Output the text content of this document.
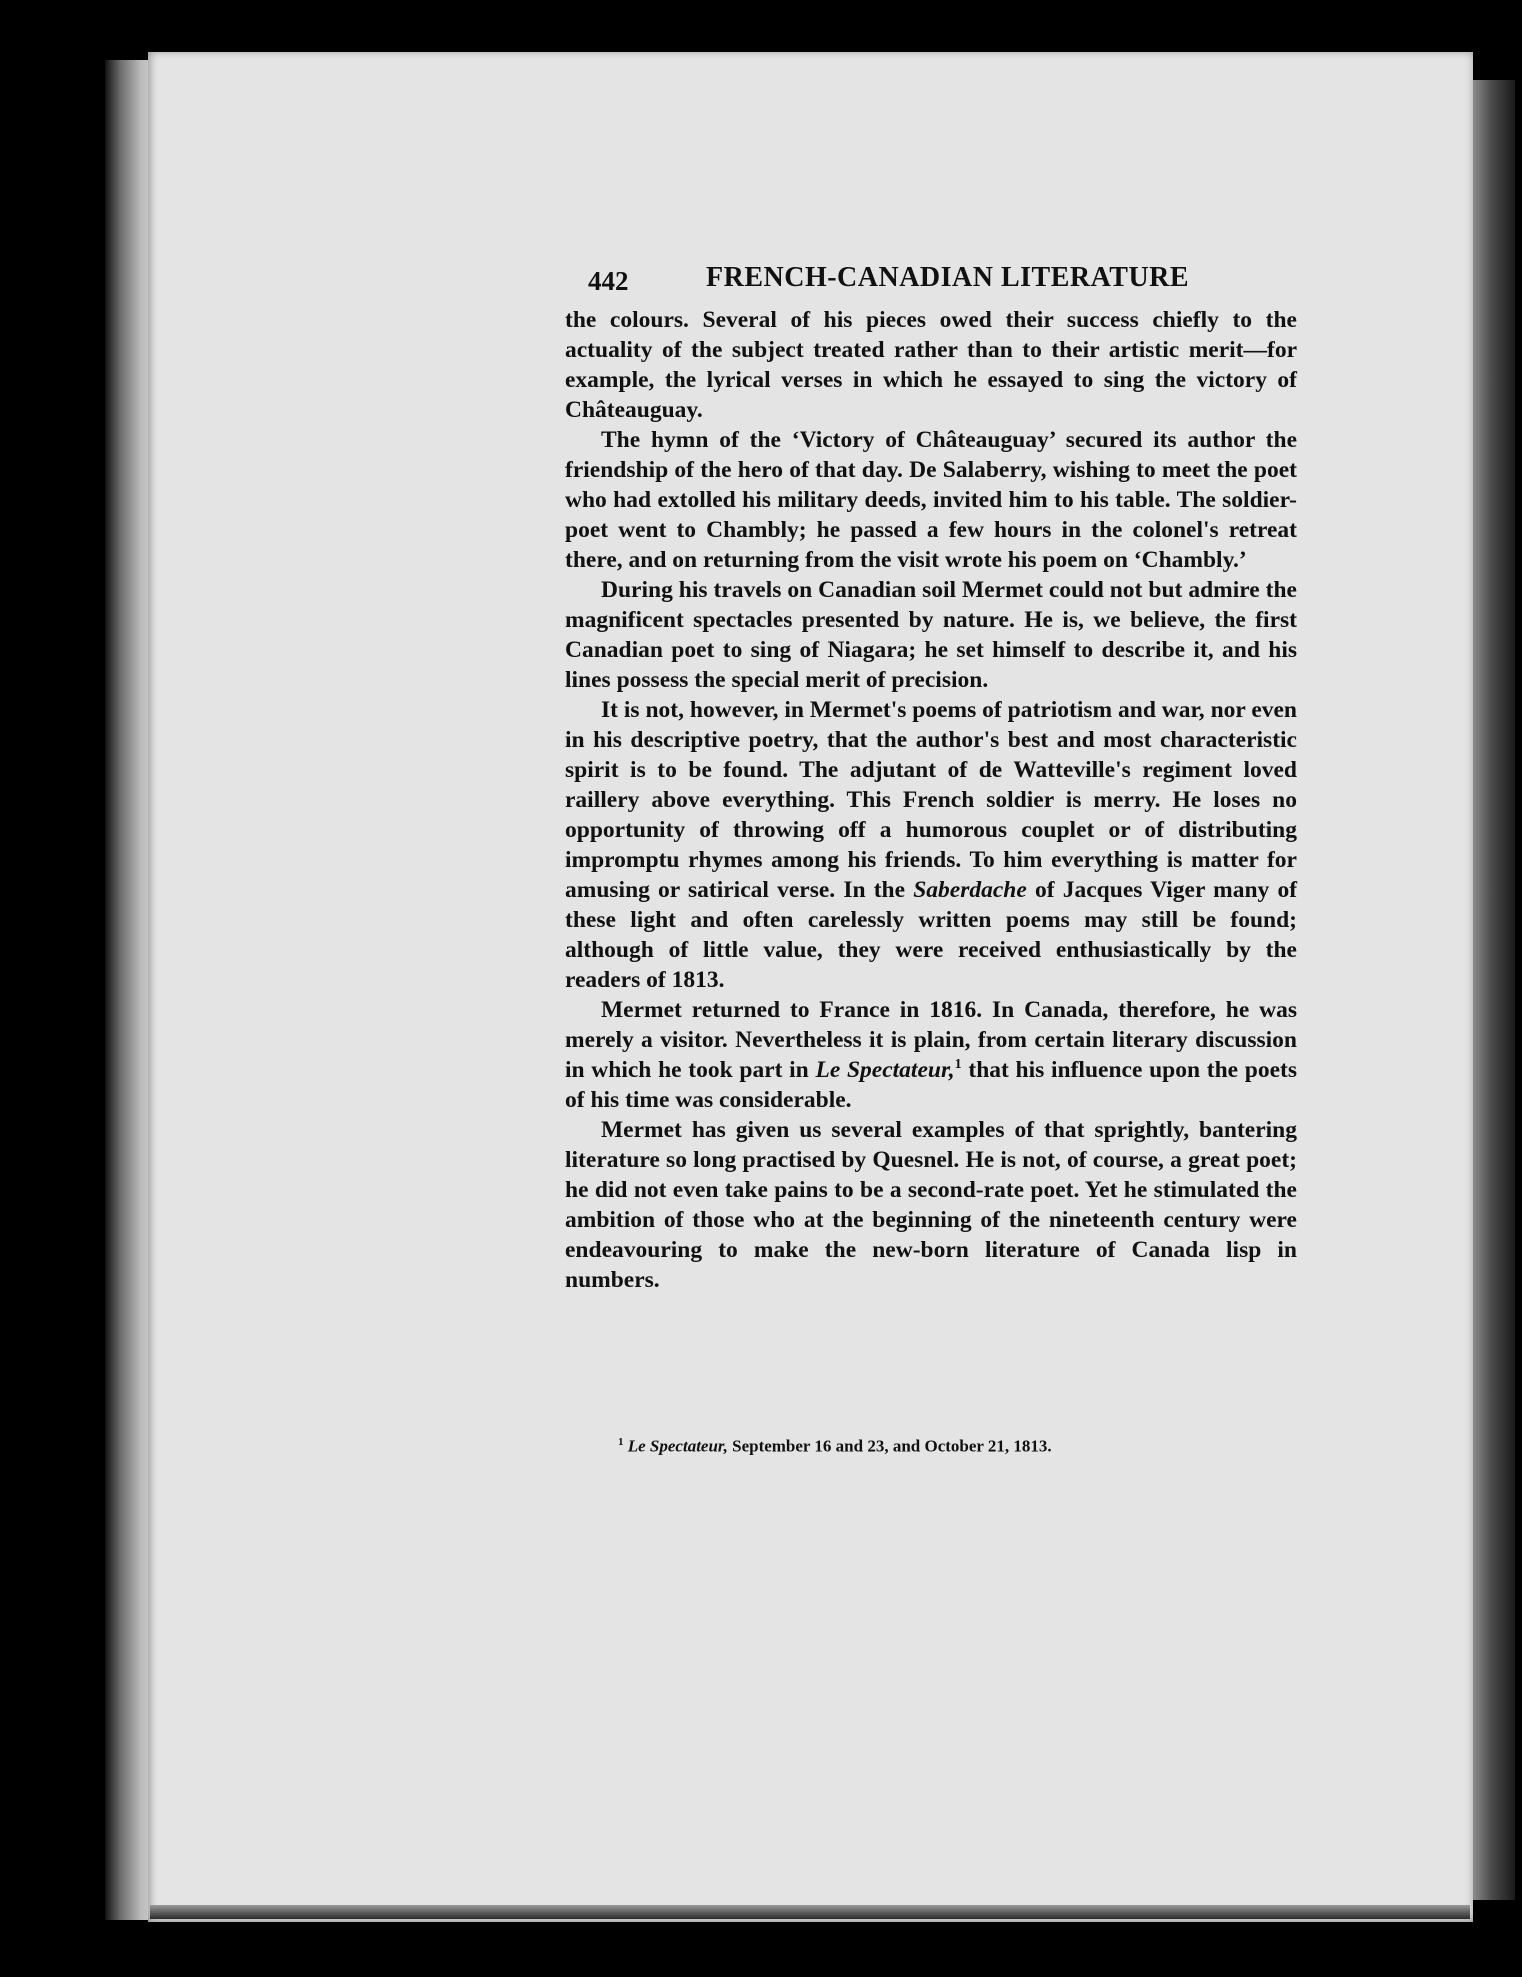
442	FRENCH-CANADIAN LITERATURE

the colours. Several of his pieces owed their success chiefly to the actuality of the subject treated rather than to their artistic merit—for example, the lyrical verses in which he essayed to sing the victory of Châteauguay.

The hymn of the ‘Victory of Châteauguay’ secured its author the friendship of the hero of that day. De Salaberry, wishing to meet the poet who had extolled his military deeds, invited him to his table. The soldier-poet went to Chambly; he passed a few hours in the colonel's retreat there, and on returning from the visit wrote his poem on ‘Chambly.’

During his travels on Canadian soil Mermet could not but admire the magnificent spectacles presented by nature. He is, we believe, the first Canadian poet to sing of Niagara; he set himself to describe it, and his lines possess the special merit of precision.

It is not, however, in Mermet's poems of patriotism and war, nor even in his descriptive poetry, that the author's best and most characteristic spirit is to be found. The adjutant of de Watteville's regiment loved raillery above everything. This French soldier is merry. He loses no opportunity of throwing off a humorous couplet or of distributing impromptu rhymes among his friends. To him everything is matter for amusing or satirical verse. In the Saberdache of Jacques Viger many of these light and often carelessly written poems may still be found; although of little value, they were received enthusiastically by the readers of 1813.

Mermet returned to France in 1816. In Canada, therefore, he was merely a visitor. Nevertheless it is plain, from certain literary discussion in which he took part in Le Spectateur,$^1$ that his influence upon the poets of his time was considerable.

Mermet has given us several examples of that sprightly, bantering literature so long practised by Quesnel. He is not, of course, a great poet; he did not even take pains to be a second-rate poet. Yet he stimulated the ambition of those who at the beginning of the nineteenth century were endeavouring to make the new-born literature of Canada lisp in numbers.

$^1$ Le Spectateur, September 16 and 23, and October 21, 1813.
